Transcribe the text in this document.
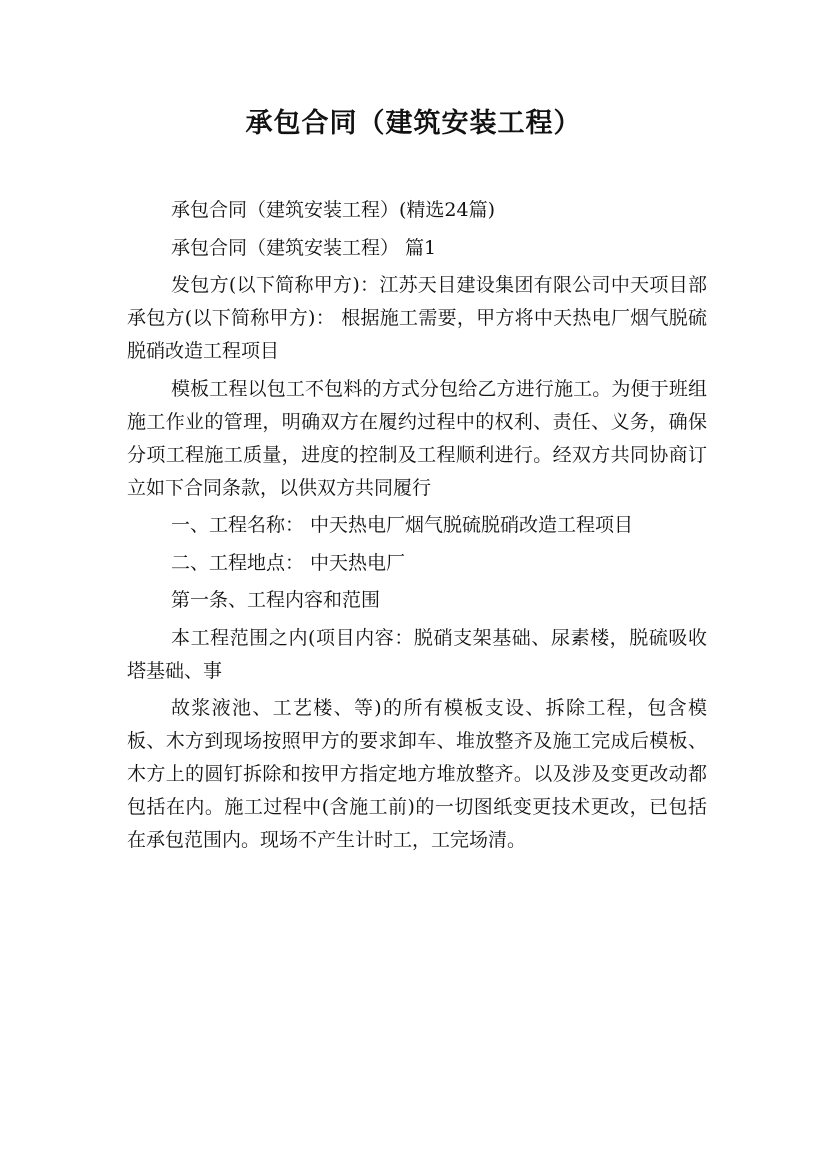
承包合同（建筑安装工程）

承包合同（建筑安装工程）(精选24篇)

承包合同（建筑安装工程） 篇1

发包方(以下简称甲方)：江苏天目建设集团有限公司中天项目部 承包方(以下简称甲方)： 根据施工需要，甲方将中天热电厂烟气脱硫脱硝改造工程项目

模板工程以包工不包料的方式分包给乙方进行施工。为便于班组施工作业的管理，明确双方在履约过程中的权利、责任、义务，确保分项工程施工质量，进度的控制及工程顺利进行。经双方共同协商订立如下合同条款，以供双方共同履行

一、工程名称： 中天热电厂烟气脱硫脱硝改造工程项目

二、工程地点： 中天热电厂

第一条、工程内容和范围

本工程范围之内(项目内容：脱硝支架基础、尿素楼，脱硫吸收塔基础、事

故浆液池、工艺楼、等)的所有模板支设、拆除工程，包含模板、木方到现场按照甲方的要求卸车、堆放整齐及施工完成后模板、木方上的圆钉拆除和按甲方指定地方堆放整齐。以及涉及变更改动都包括在内。施工过程中(含施工前)的一切图纸变更技术更改，已包括在承包范围内。现场不产生计时工，工完场清。
